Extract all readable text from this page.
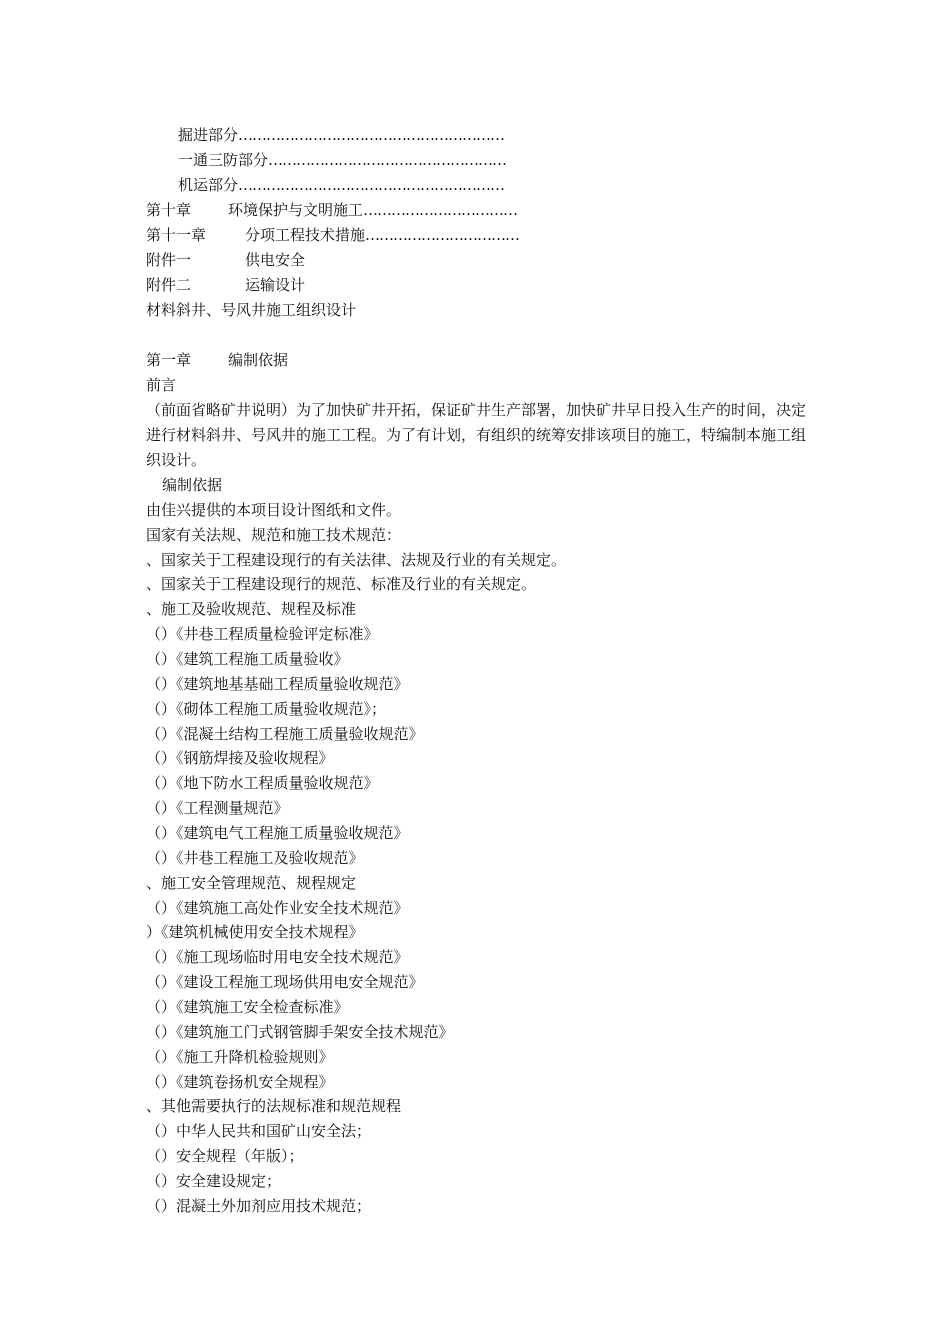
掘进部分…………………………………………………
一通三防部分……………………………………………
机运部分…………………………………………………
第十章 环境保护与文明施工……………………………
第十一章	分项工程技术措施……………………………
附件一	供电安全
附件二	运输设计
材料斜井、号风井施工组织设计
第一章 编制依据
前言
（前面省略矿井说明）为了加快矿井开拓，保证矿井生产部署，加快矿井早日投入生产的时间，决定进行材料斜井、号风井的施工工程。为了有计划，有组织的统筹安排该项目的施工，特编制本施工组织设计。
编制依据
由佳兴提供的本项目设计图纸和文件。
国家有关法规、规范和施工技术规范：
、国家关于工程建设现行的有关法律、法规及行业的有关规定。
、国家关于工程建设现行的规范、标准及行业的有关规定。
、施工及验收规范、规程及标准
（）《井巷工程质量检验评定标准》
（）《建筑工程施工质量验收》
（）《建筑地基基础工程质量验收规范》
（）《砌体工程施工质量验收规范》；
（）《混凝土结构工程施工质量验收规范》
（）《钢筋焊接及验收规程》
（）《地下防水工程质量验收规范》
（）《工程测量规范》
（）《建筑电气工程施工质量验收规范》
（）《井巷工程施工及验收规范》
、施工安全管理规范、规程规定
（）《建筑施工高处作业安全技术规范》
）《建筑机械使用安全技术规程》
（）《施工现场临时用电安全技术规范》
（）《建设工程施工现场供用电安全规范》
（）《建筑施工安全检查标准》
（）《建筑施工门式钢管脚手架安全技术规范》
（）《施工升降机检验规则》
（）《建筑卷扬机安全规程》
、其他需要执行的法规标准和规范规程
（）中华人民共和国矿山安全法；
（）安全规程（年版）；
（）安全建设规定；
（）混凝土外加剂应用技术规范；
